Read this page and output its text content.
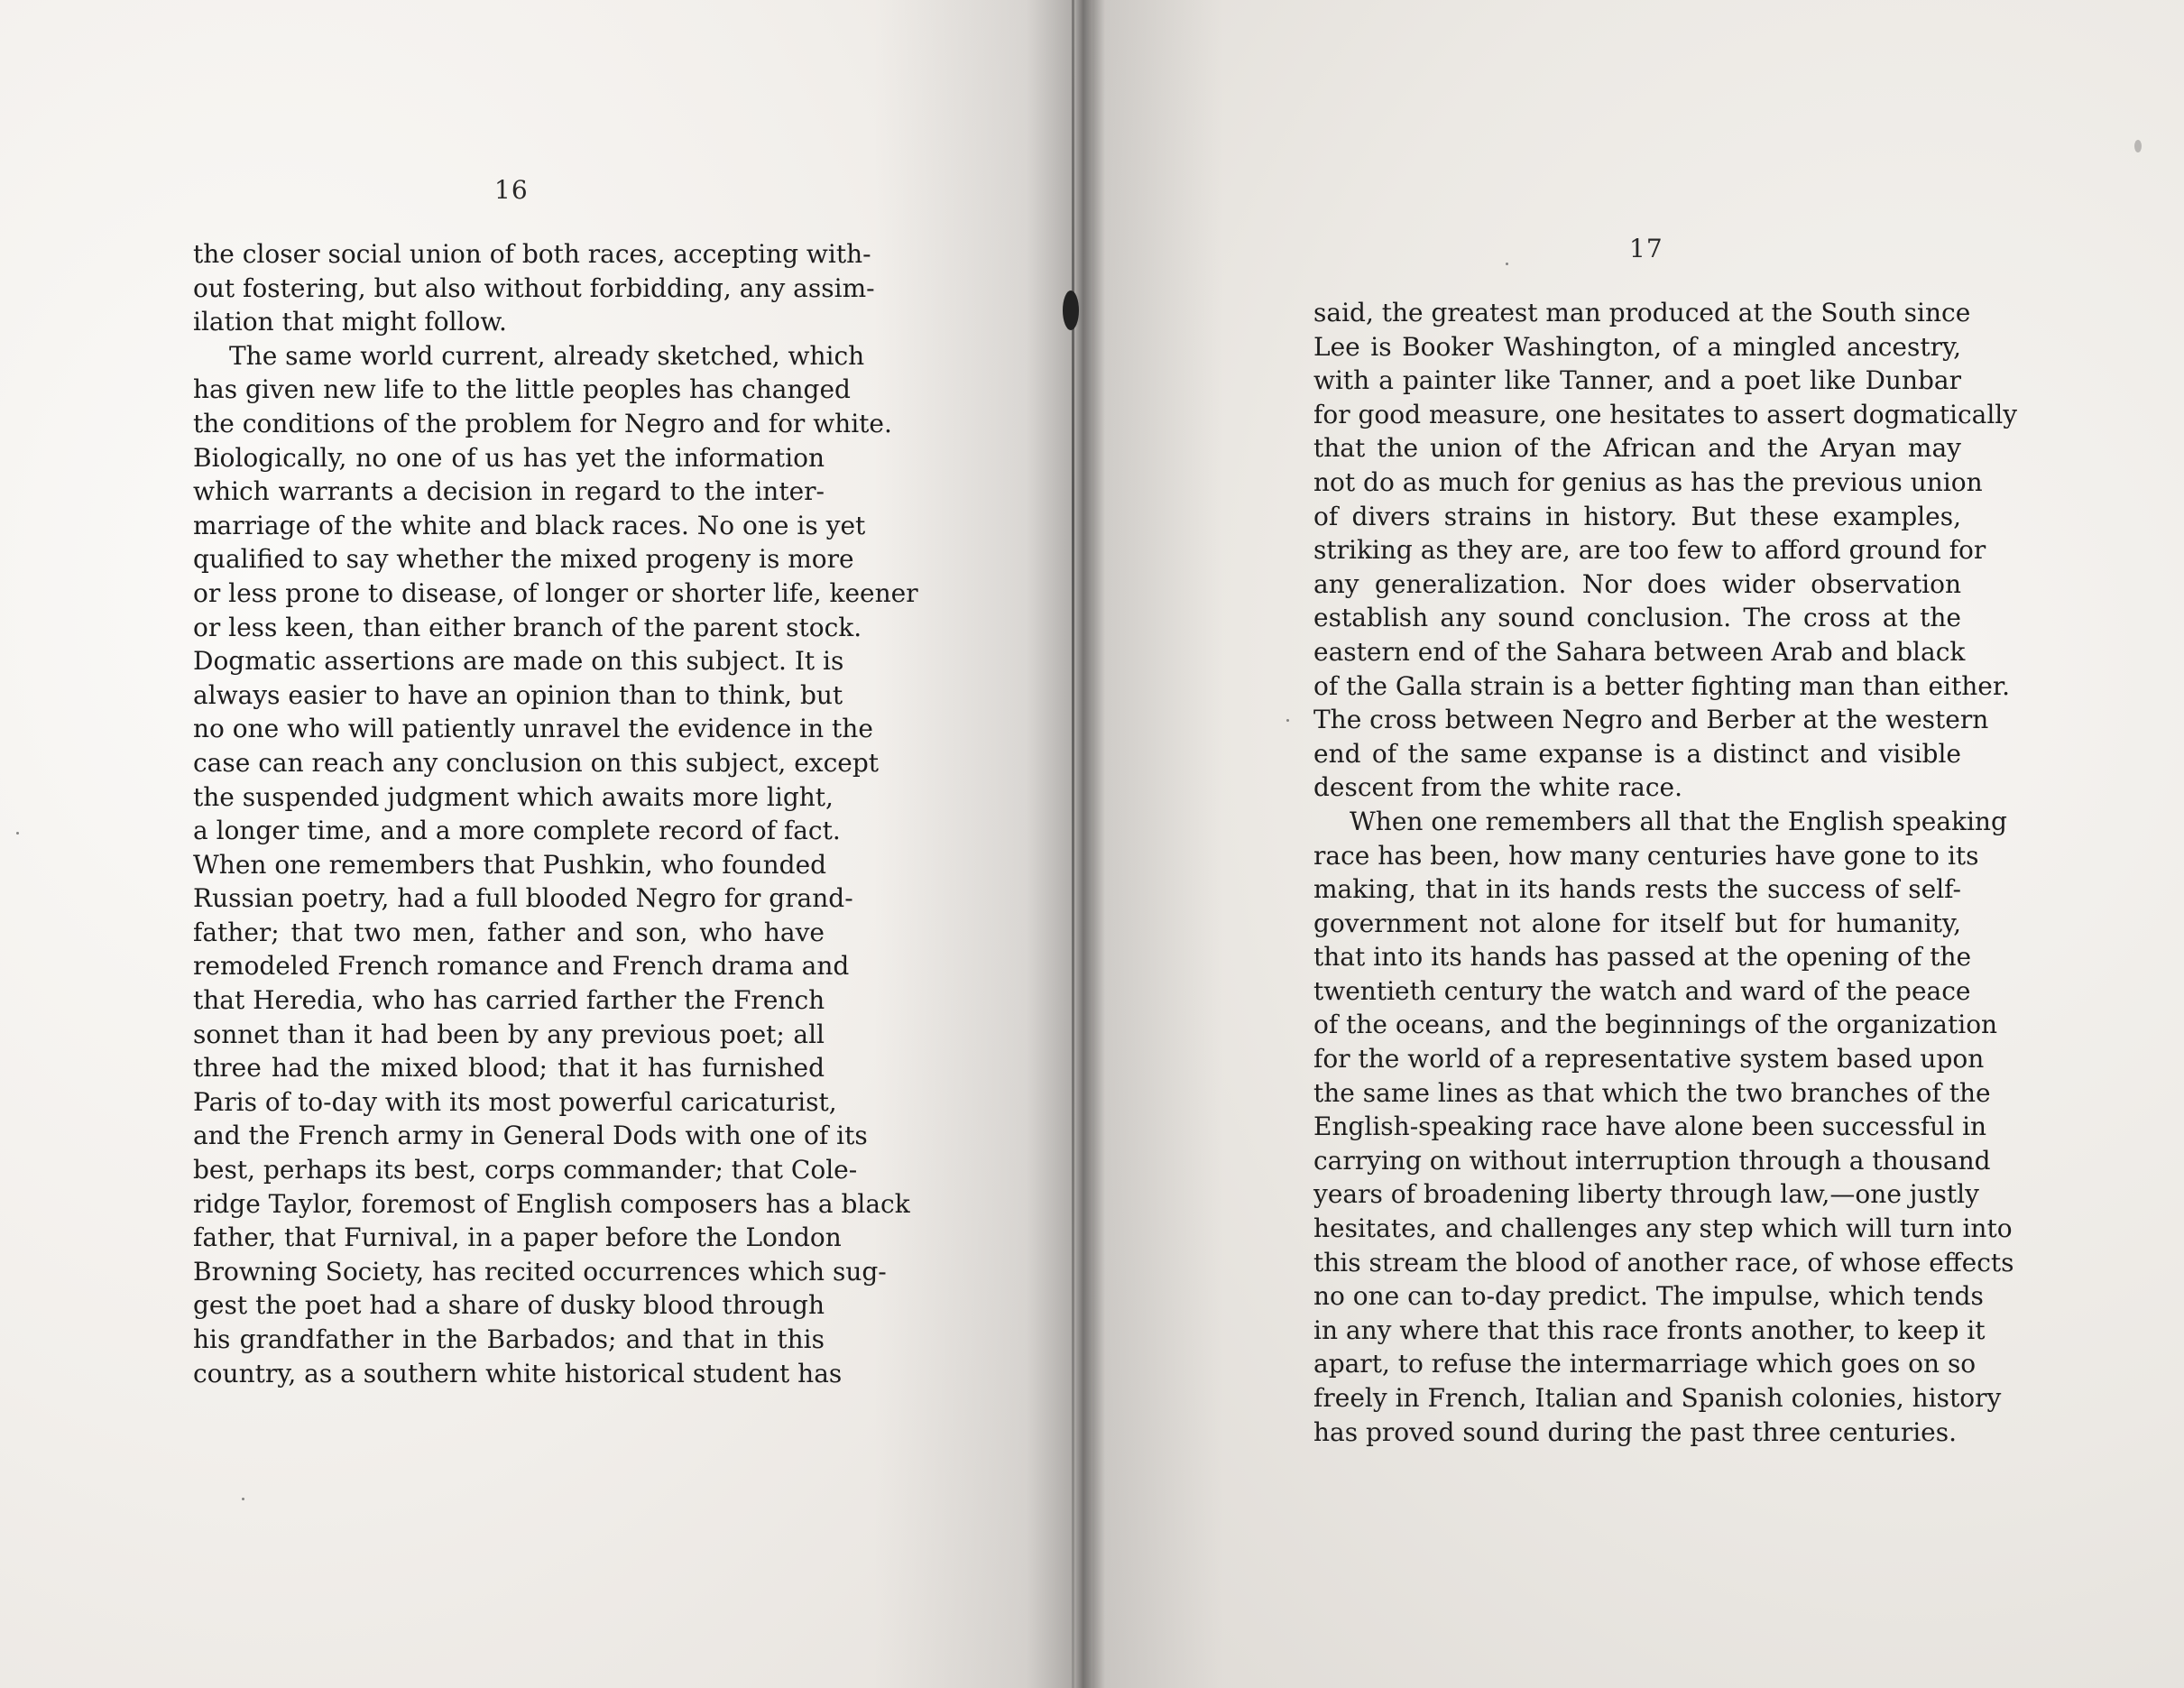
16
the closer social union of both races, accepting with-
out fostering, but also without forbidding, any assim-
ilation that might follow.
The same world current, already sketched, which
has given new life to the little peoples has changed
the conditions of the problem for Negro and for white.
Biologically, no one of us has yet the information
which warrants a decision in regard to the inter-
marriage of the white and black races. No one is yet
qualified to say whether the mixed progeny is more
or less prone to disease, of longer or shorter life, keener
or less keen, than either branch of the parent stock.
Dogmatic assertions are made on this subject. It is
always easier to have an opinion than to think, but
no one who will patiently unravel the evidence in the
case can reach any conclusion on this subject, except
the suspended judgment which awaits more light,
a longer time, and a more complete record of fact.
When one remembers that Pushkin, who founded
Russian poetry, had a full blooded Negro for grand-
father; that two men, father and son, who have
remodeled French romance and French drama and
that Heredia, who has carried farther the French
sonnet than it had been by any previous poet; all
three had the mixed blood; that it has furnished
Paris of to-day with its most powerful caricaturist,
and the French army in General Dods with one of its
best, perhaps its best, corps commander; that Cole-
ridge Taylor, foremost of English composers has a black
father, that Furnival, in a paper before the London
Browning Society, has recited occurrences which sug-
gest the poet had a share of dusky blood through
his grandfather in the Barbados; and that in this
country, as a southern white historical student has
17
said, the greatest man produced at the South since
Lee is Booker Washington, of a mingled ancestry,
with a painter like Tanner, and a poet like Dunbar
for good measure, one hesitates to assert dogmatically
that the union of the African and the Aryan may
not do as much for genius as has the previous union
of divers strains in history. But these examples,
striking as they are, are too few to afford ground for
any generalization. Nor does wider observation
establish any sound conclusion. The cross at the
eastern end of the Sahara between Arab and black
of the Galla strain is a better fighting man than either.
The cross between Negro and Berber at the western
end of the same expanse is a distinct and visible
descent from the white race.
When one remembers all that the English speaking
race has been, how many centuries have gone to its
making, that in its hands rests the success of self-
government not alone for itself but for humanity,
that into its hands has passed at the opening of the
twentieth century the watch and ward of the peace
of the oceans, and the beginnings of the organization
for the world of a representative system based upon
the same lines as that which the two branches of the
English-speaking race have alone been successful in
carrying on without interruption through a thousand
years of broadening liberty through law,—one justly
hesitates, and challenges any step which will turn into
this stream the blood of another race, of whose effects
no one can to-day predict. The impulse, which tends
in any where that this race fronts another, to keep it
apart, to refuse the intermarriage which goes on so
freely in French, Italian and Spanish colonies, history
has proved sound during the past three centuries.
